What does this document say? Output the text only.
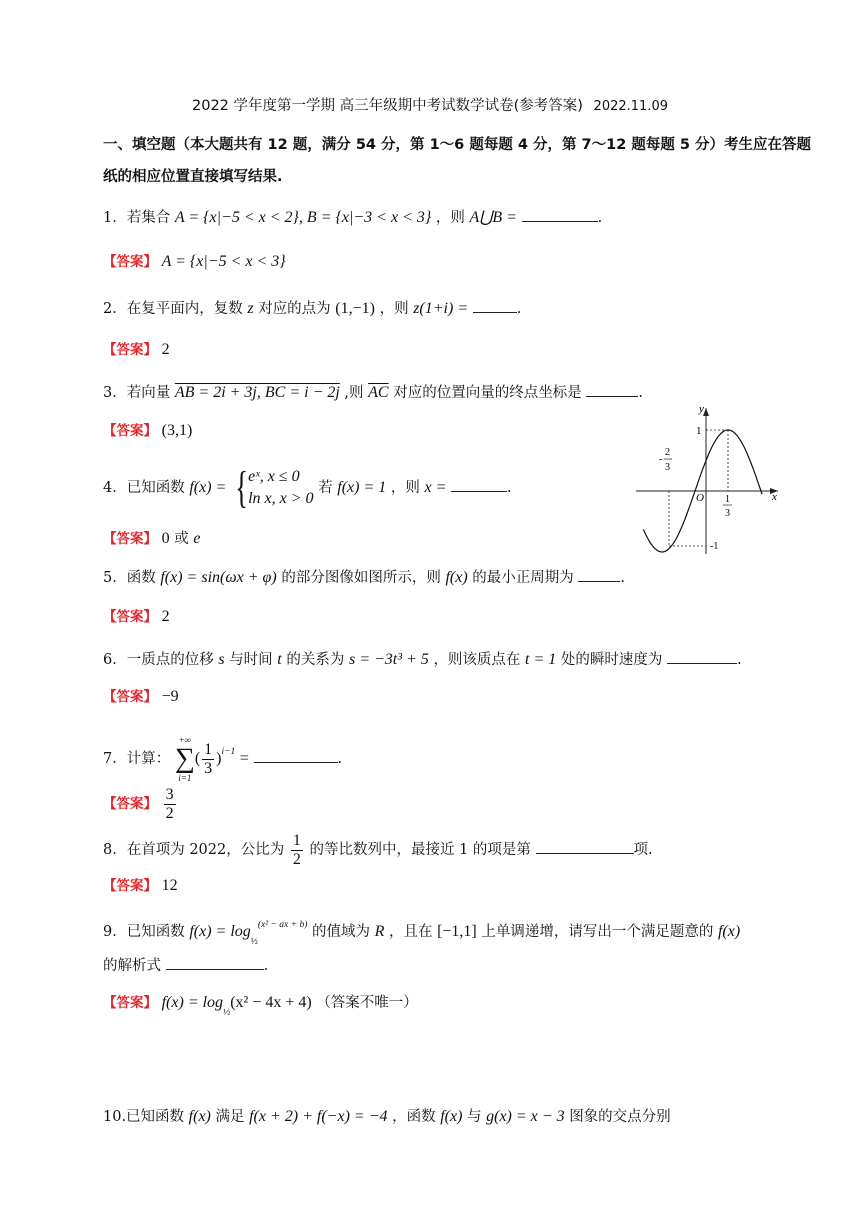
2022 学年度第一学期 高三年级期中考试数学试卷(参考答案) 2022.11.09
一、填空题（本大题共有 12 题，满分 54 分，第 1～6 题每题 4 分，第 7～12 题每题 5 分）考生应在答题
纸的相应位置直接填写结果.
1．若集合 A = {x|−5 < x < 2}, B = {x|−3 < x < 3} ，则 A⋃B =	.
【答案】 A = {x|−5 < x < 3}
2．在复平面内，复数 z 对应的点为 (1,−1) ，则 z(1+i) =	.
【答案】 2
3．若向量 AB = 2i + 3j, BC = i − 2j ,则 $\overline{AC}$ 对应的位置向量的终点坐标是	.
【答案】 (3,1)
4．已知函数 f(x) = { eˣ, x ≤ 0
ln x, x > 0
若 f(x) = 1 ，则 x =	.
【答案】 0 或 e
y
x
O
1
-1
-
2
3
1
3
5．函数 f(x) = sin(ωx + φ) 的部分图像如图所示，则 f(x) 的最小正周期为	.
【答案】 2
6．一质点的位移 s 与时间 t 的关系为 s = −3t³ + 5 ，则该质点在 t = 1 处的瞬时速度为	.
【答案】 −9
7．计算：
+∞
∑
i=1
( $\frac{1}{3} )^{i-1}$ =	.
【答案】 $\frac{3}{2}$
8．在首项为 2022，公比为 $\frac{1}{2}$ 的等比数列中，最接近 1 的项是第	项.
【答案】 12
9．已知函数 $f(x) = \log_{\frac{1}{2}}^{(x^2 - ax + b)}$ 的值域为 R ，且在 [−1,1] 上单调递增，请写出一个满足题意的 f(x)
的解析式	.
【答案】 $f(x) = \log_{\frac{1}{2}}(x^2 - 4x + 4)$ （答案不唯一）
10.已知函数 f(x) 满足 f(x + 2) + f(−x) = −4 ，函数 f(x) 与 g(x) = x − 3 图象的交点分别
